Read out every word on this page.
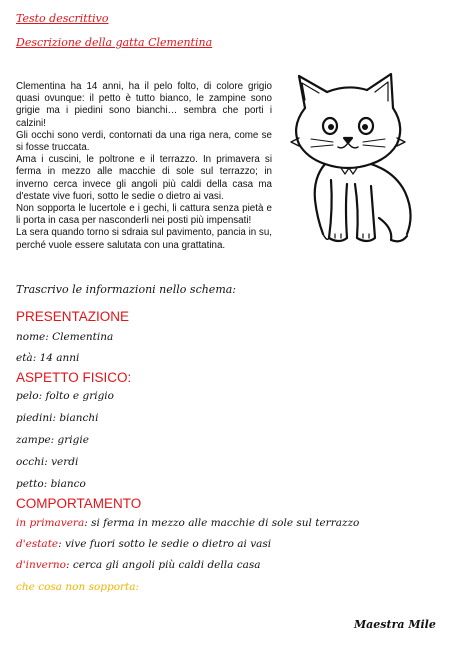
Testo descrittivo
Descrizione della gatta Clementina

Clementina ha 14 anni, ha il pelo folto, di colore grigio quasi ovunque: il petto è tutto bianco, le zampine sono grigie ma i piedini sono bianchi… sembra che porti i calzini!

Gli occhi sono verdi, contornati da una riga nera, come se si fosse truccata.

Ama i cuscini, le poltrone e il terrazzo. In primavera si ferma in mezzo alle macchie di sole sul terrazzo; in inverno cerca invece gli angoli più caldi della casa ma d'estate vive fuori, sotto le sedie o dietro ai vasi.

Non sopporta le lucertole e i gechi, li cattura senza pietà e li porta in casa per nasconderli nei posti più impensati!

La sera quando torno si sdraia sul pavimento, pancia in su, perché vuole essere salutata con una grattatina.

Trascrivo le informazioni nello schema:
PRESENTAZIONE
nome: Clementina
età: 14 anni
ASPETTO FISICO:
pelo: folto e grigio
piedini: bianchi
zampe: grigie
occhi: verdi
petto: bianco
COMPORTAMENTO
in primavera: si ferma in mezzo alle macchie di sole sul terrazzo
d'estate: vive fuori sotto le sedie o dietro ai vasi
d'inverno: cerca gli angoli più caldi della casa
che cosa non sopporta:
Maestra Mile
